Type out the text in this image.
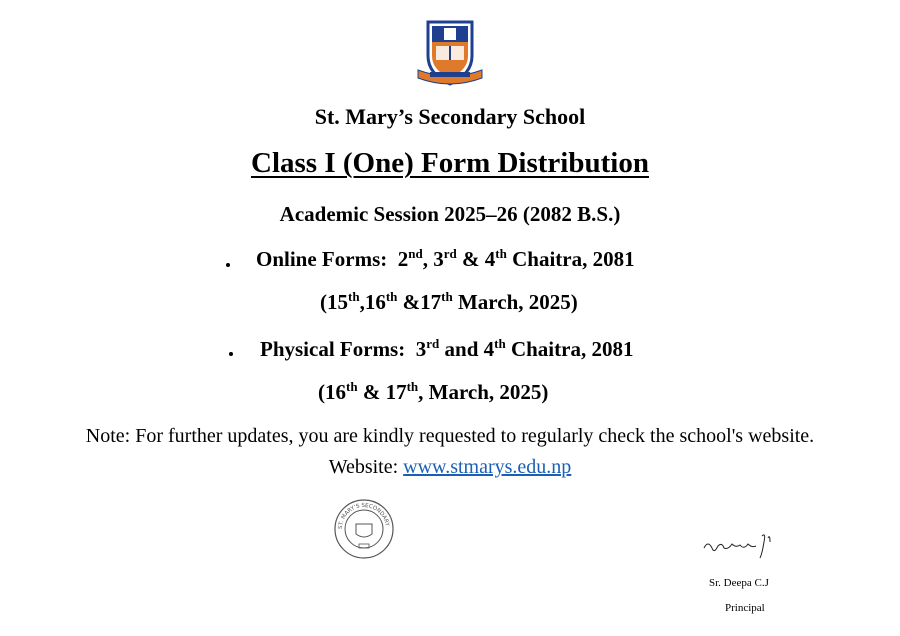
St. Mary’s Secondary School
Class I (One) Form Distribution
Academic Session 2025–26 (2082 B.S.)
Online Forms: 2nd, 3rd & 4th Chaitra, 2081
(15th,16th &17th March, 2025)
Physical Forms: 3rd and 4th Chaitra, 2081
(16th & 17th, March, 2025)
Note: For further updates, you are kindly requested to regularly check the school's website.
Website: www.stmarys.edu.np
ST. MARY'S SECONDARY
Sr. Deepa C.J
Principal
